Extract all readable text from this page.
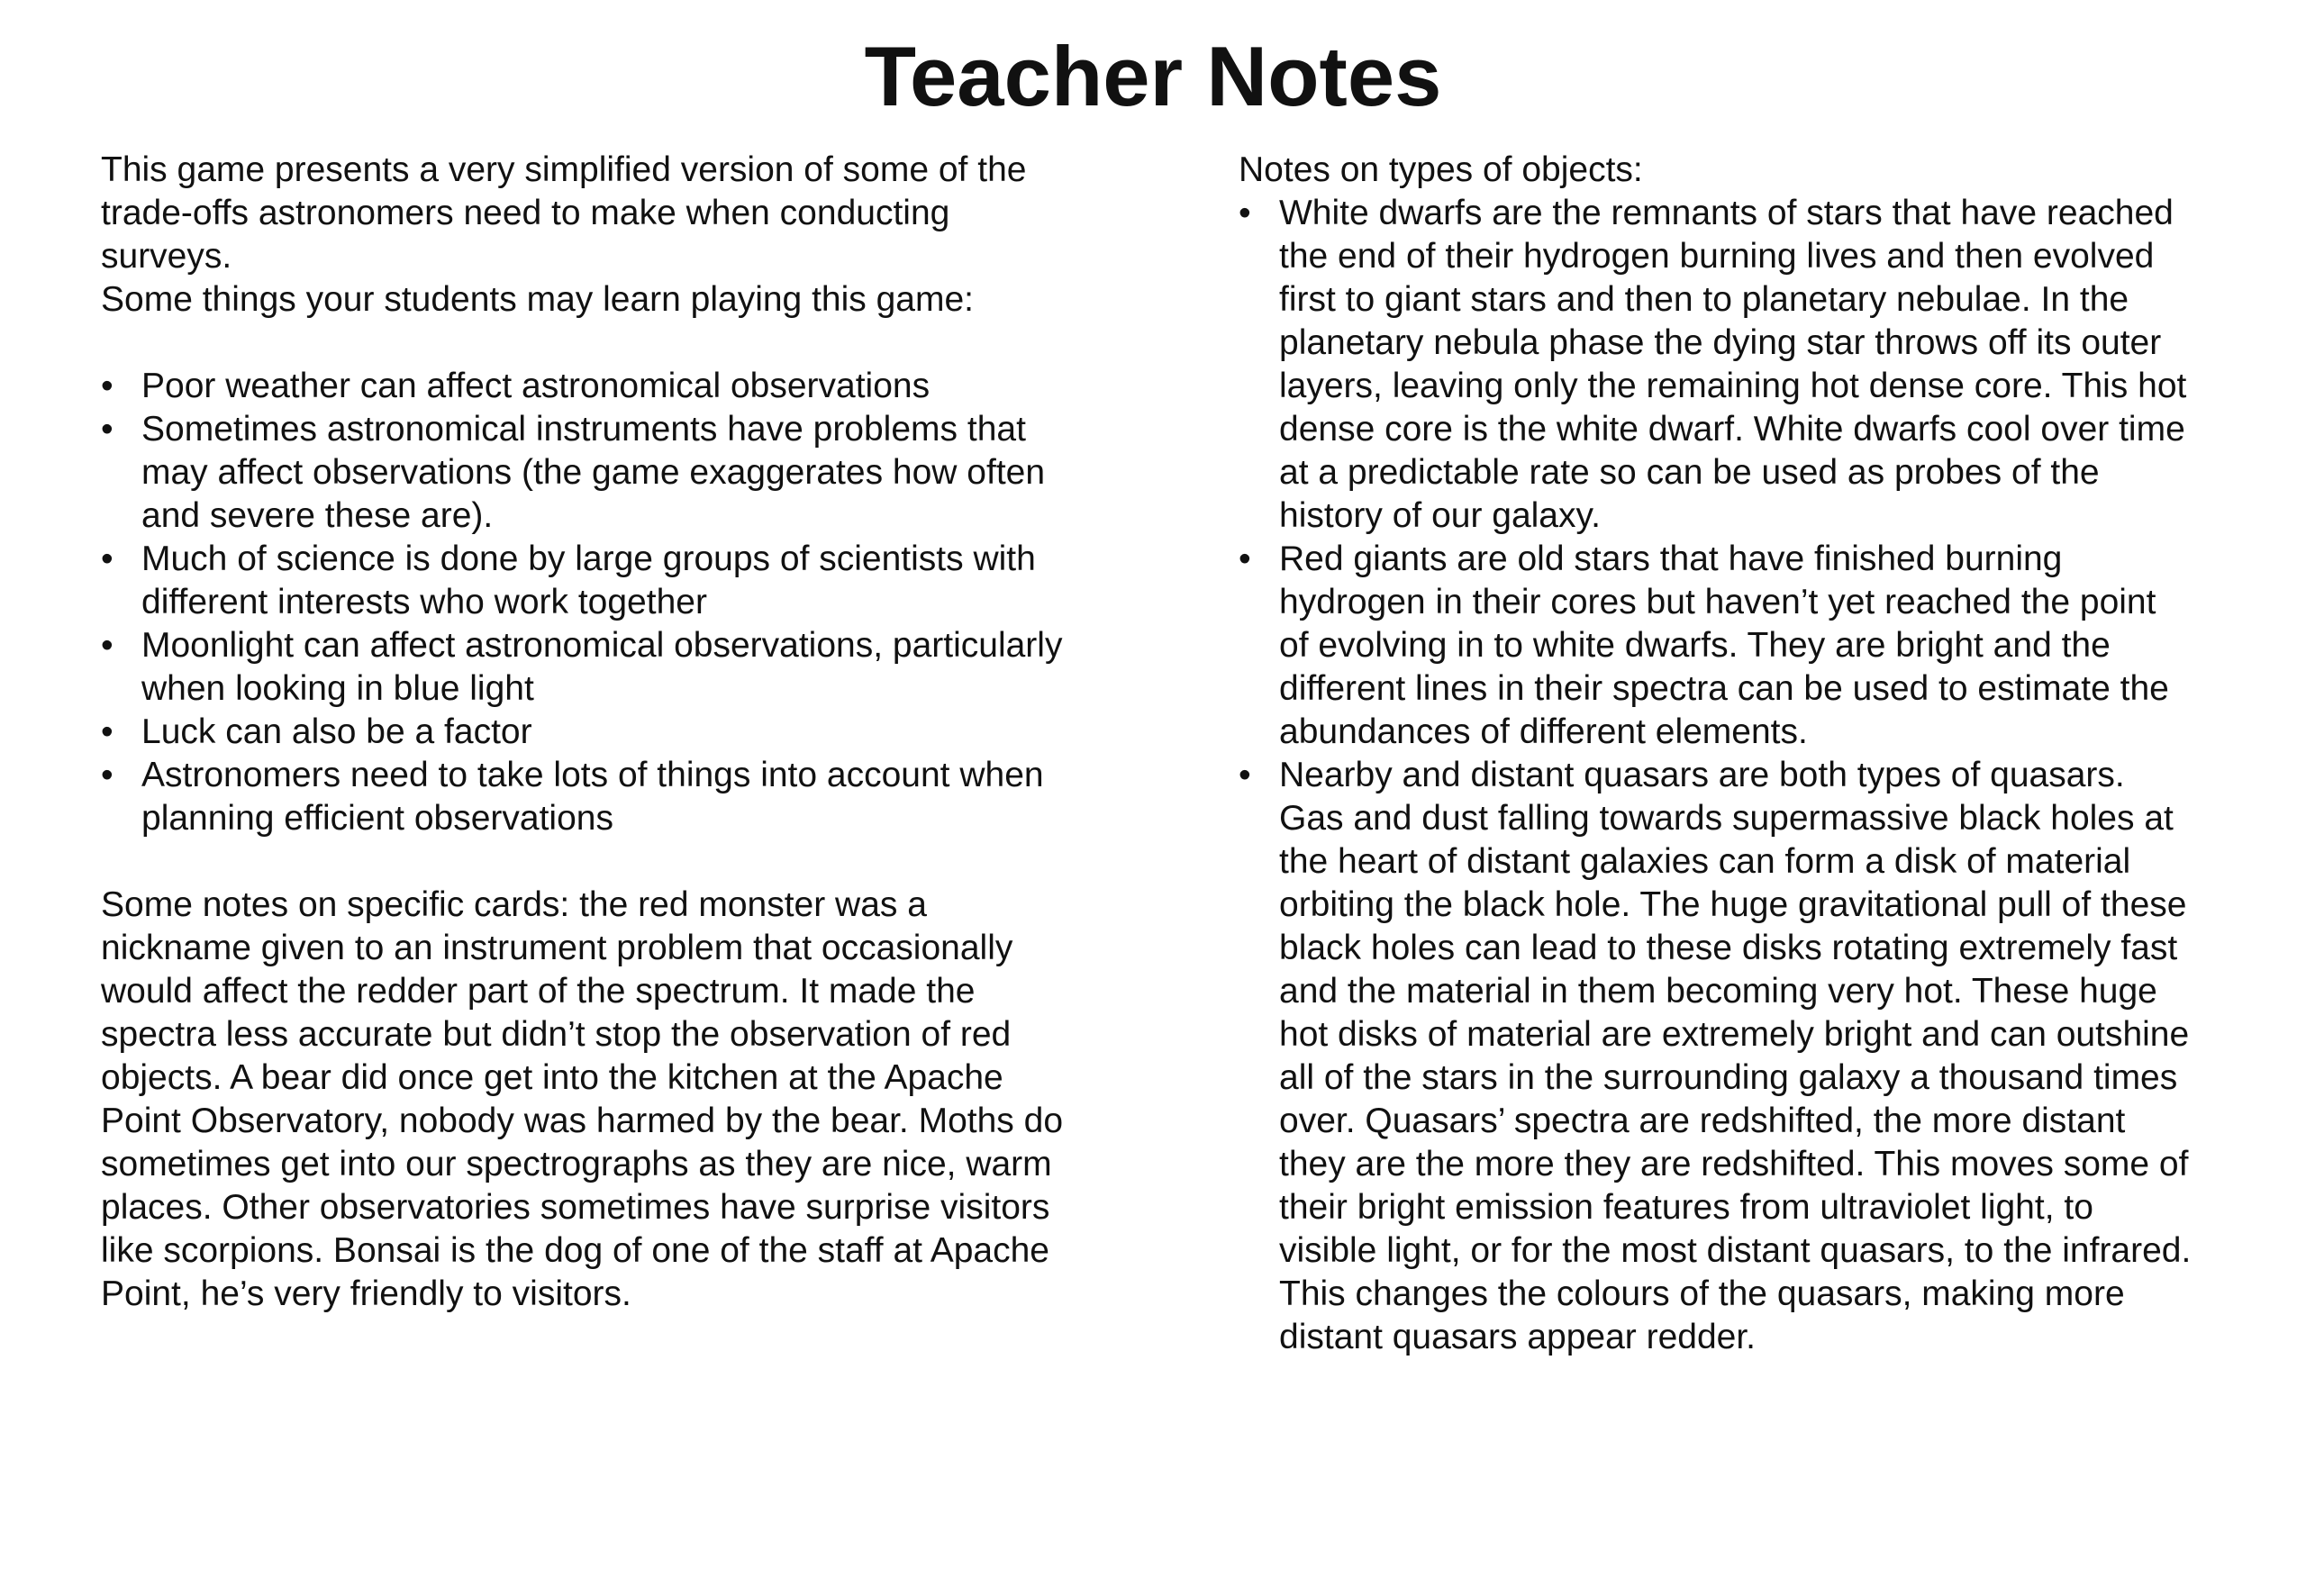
Teacher Notes

This game presents a very simplified version of some of the trade-offs astronomers need to make when conducting surveys.

Some things your students may learn playing this game:

• Poor weather can affect astronomical observations
• Sometimes astronomical instruments have problems that may affect observations (the game exaggerates how often and severe these are).
• Much of science is done by large groups of scientists with different interests who work together
• Moonlight can affect astronomical observations, particularly when looking in blue light
• Luck can also be a factor
• Astronomers need to take lots of things into account when planning efficient observations

Some notes on specific cards: the red monster was a nickname given to an instrument problem that occasionally would affect the redder part of the spectrum. It made the spectra less accurate but didn’t stop the observation of red objects. A bear did once get into the kitchen at the Apache Point Observatory, nobody was harmed by the bear. Moths do sometimes get into our spectrographs as they are nice, warm places. Other observatories sometimes have surprise visitors like scorpions. Bonsai is the dog of one of the staff at Apache Point, he’s very friendly to visitors.

Notes on types of objects:

• White dwarfs are the remnants of stars that have reached the end of their hydrogen burning lives and then evolved first to giant stars and then to planetary nebulae. In the planetary nebula phase the dying star throws off its outer layers, leaving only the remaining hot dense core. This hot dense core is the white dwarf. White dwarfs cool over time at a predictable rate so can be used as probes of the history of our galaxy.
• Red giants are old stars that have finished burning hydrogen in their cores but haven’t yet reached the point of evolving in to white dwarfs. They are bright and the different lines in their spectra can be used to estimate the abundances of different elements.
• Nearby and distant quasars are both types of quasars. Gas and dust falling towards supermassive black holes at the heart of distant galaxies can form a disk of material orbiting the black hole. The huge gravitational pull of these black holes can lead to these disks rotating extremely fast and the material in them becoming very hot. These huge hot disks of material are extremely bright and can outshine all of the stars in the surrounding galaxy a thousand times over. Quasars’ spectra are redshifted, the more distant they are the more they are redshifted. This moves some of their bright emission features from ultraviolet light, to visible light, or for the most distant quasars, to the infrared. This changes the colours of the quasars, making more distant quasars appear redder.
